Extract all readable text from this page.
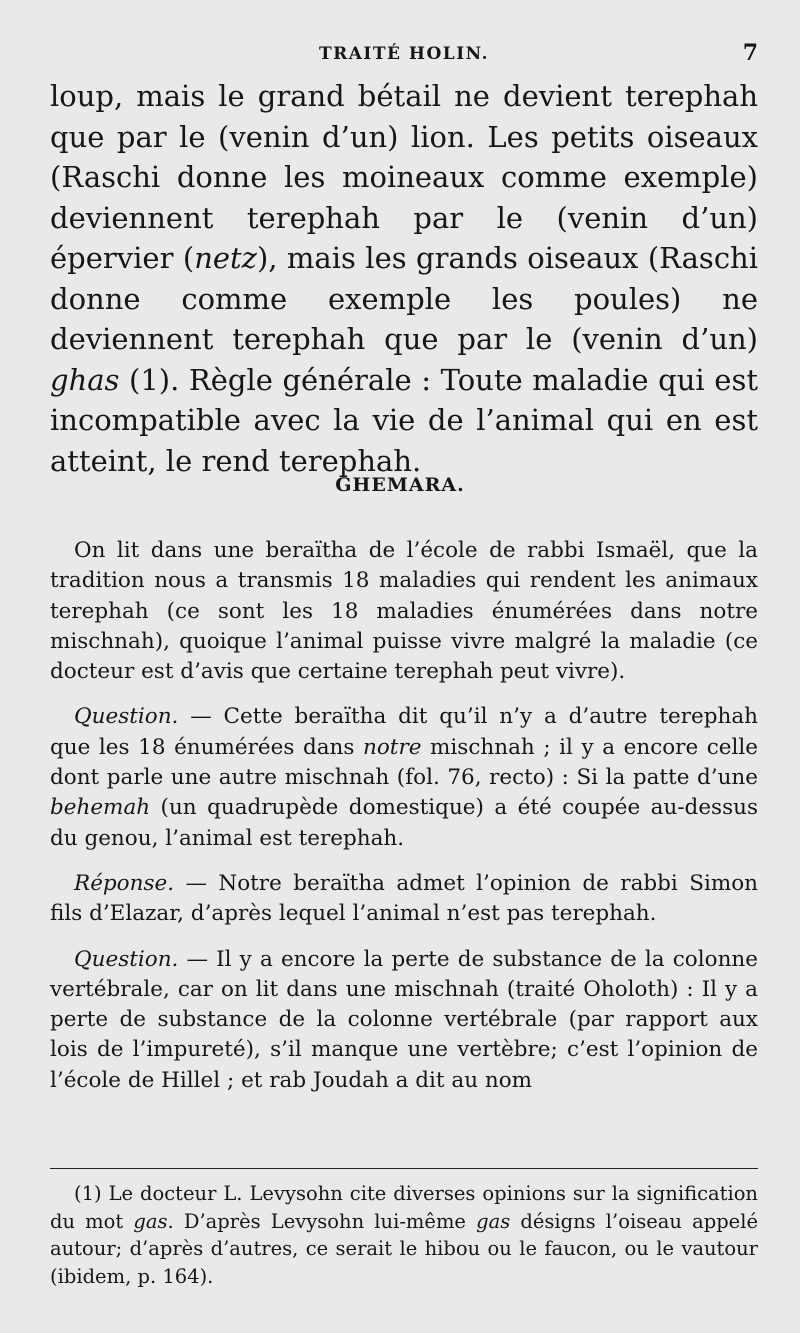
TRAITÉ HOLIN.	7

loup, mais le grand bétail ne devient terephah que par le (venin d’un) lion. Les petits oiseaux (Raschi donne les moineaux comme exemple) deviennent terephah par le (venin d’un) épervier (netz), mais les grands oiseaux (Raschi donne comme exemple les poules) ne deviennent terephah que par le (venin d’un) ghas (1). Règle générale : Toute maladie qui est incompatible avec la vie de l’animal qui en est atteint, le rend terephah.

GHEMARA.

On lit dans une beraïtha de l’école de rabbi Ismaël, que la tradition nous a transmis 18 maladies qui rendent les animaux terephah (ce sont les 18 maladies énumérées dans notre mischnah), quoique l’animal puisse vivre malgré la maladie (ce docteur est d’avis que certaine terephah peut vivre).

Question. — Cette beraïtha dit qu’il n’y a d’autre terephah que les 18 énumérées dans notre mischnah ; il y a encore celle dont parle une autre mischnah (fol. 76, recto) : Si la patte d’une behemah (un quadrupède domestique) a été coupée au-dessus du genou, l’animal est terephah.

Réponse. — Notre beraïtha admet l’opinion de rabbi Simon fils d’Elazar, d’après lequel l’animal n’est pas terephah.

Question. — Il y a encore la perte de substance de la colonne vertébrale, car on lit dans une mischnah (traité Oholoth) : Il y a perte de substance de la colonne vertébrale (par rapport aux lois de l’impureté), s’il manque une vertèbre; c’est l’opinion de l’école de Hillel ; et rab Joudah a dit au nom

(1) Le docteur L. Levysohn cite diverses opinions sur la signification du mot gas. D’après Levysohn lui-même gas désigns l’oiseau appelé autour; d’après d’autres, ce serait le hibou ou le faucon, ou le vautour (ibidem, p. 164).
